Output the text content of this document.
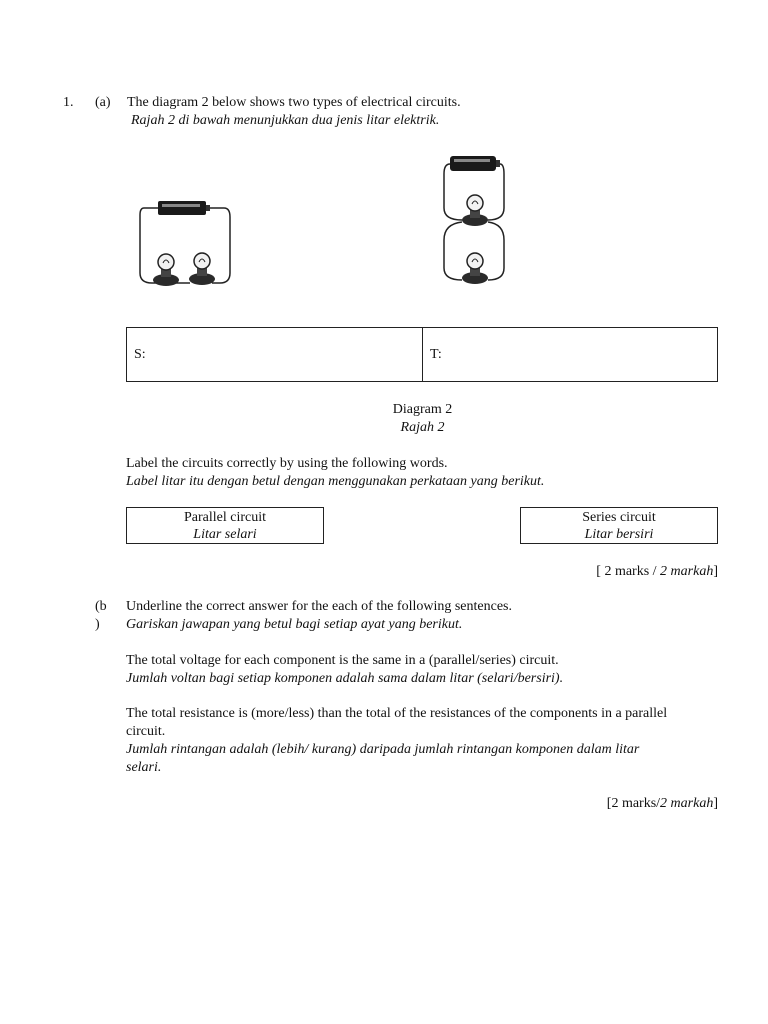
1. (a) The diagram 2 below shows two types of electrical circuits.
Rajah 2 di bawah menunjukkan dua jenis litar elektrik.
S:	T:
Diagram 2
Rajah 2
Label the circuits correctly by using the following words.
Label litar itu dengan betul dengan menggunakan perkataan yang berikut.
Parallel circuit
Litar selari
Series circuit
Litar bersiri
[ 2 marks / 2 markah]
(b
)
Underline the correct answer for the each of the following sentences.
Gariskan jawapan yang betul bagi setiap ayat yang berikut.
The total voltage for each component is the same in a (parallel/series) circuit.
Jumlah voltan bagi setiap komponen adalah sama dalam litar (selari/bersiri).
The total resistance is (more/less) than the total of the resistances of the components in a parallel
circuit.
Jumlah rintangan adalah (lebih/ kurang) daripada jumlah rintangan komponen dalam litar
selari.
[2 marks/2 markah]
